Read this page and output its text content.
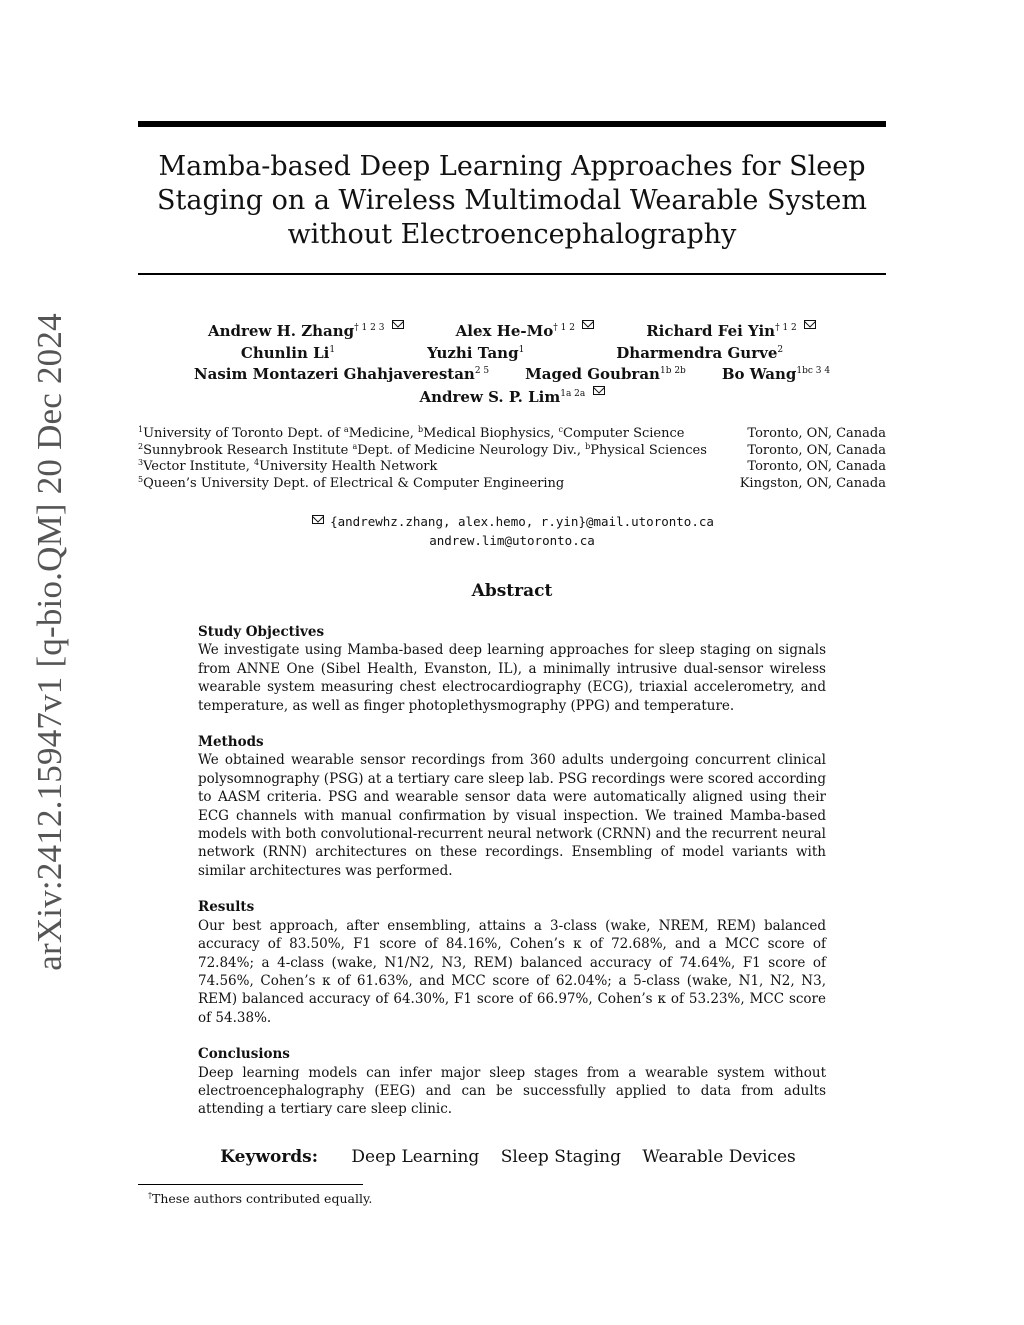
arXiv:2412.15947v1 [q-bio.QM] 20 Dec 2024
Mamba-based Deep Learning Approaches for Sleep
Staging on a Wireless Multimodal Wearable System
without Electroencephalography
Andrew H. Zhang$^{\dagger 1 2 3}$	Alex $He-Mo^{\dagger 1 2}$	Richard Fei Yin$^{\dagger 1 2}$
Chunlin Li$^1$	Yuzhi Tang$^1$	Dharmendra Gurve$^2$
Nasim Montazeri Ghahjaverestan$^{2 5}$ Maged Goubran$^{1b 2b}$ Bo Wang$^{1bc 3 4}$
Andrew S. P. Lim$^{1a 2a}$
$^1$University of Toronto Dept. of $^a$Medicine, $^b$Medical Biophysics, $^c$Computer Science	Toronto, ON, Canada
$^2$Sunnybrook Research Institute $^a$Dept. of Medicine Neurology Div., $^b$Physical Sciences	Toronto, ON, Canada
$^3$Vector Institute, $^4$University Health Network	Toronto, ON, Canada
$^5$Queen’s University Dept. of Electrical & Computer Engineering	Kingston, ON, Canada
{andrewhz.zhang, alex.hemo, r.yin}@mail.utoronto.ca
andrew.lim@utoronto.ca
Abstract
Study Objectives
We investigate using Mamba-based deep learning approaches for sleep staging on signals from ANNE One (Sibel Health, Evanston, IL), a minimally intrusive dual-sensor wireless wearable system measuring chest electrocardiography (ECG), triaxial accelerometry, and temperature, as well as finger photoplethysmography (PPG) and temperature.
Methods
We obtained wearable sensor recordings from 360 adults undergoing concurrent clinical polysomnography (PSG) at a tertiary care sleep lab. PSG recordings were scored according to AASM criteria. PSG and wearable sensor data were automatically aligned using their ECG channels with manual confirmation by visual inspection. We trained Mamba-based models with both convolutional-recurrent neural network (CRNN) and the recurrent neural network (RNN) architectures on these recordings. Ensembling of model variants with similar architectures was performed.
Results
Our best approach, after ensembling, attains a 3-class (wake, NREM, REM) balanced accuracy of 83.50%, F1 score of 84.16%, Cohen’s κ of 72.68%, and a MCC score of 72.84%; a 4-class (wake, N1/N2, N3, REM) balanced accuracy of 74.64%, F1 score of 74.56%, Cohen’s κ of 61.63%, and MCC score of 62.04%; a 5-class (wake, N1, N2, N3, REM) balanced accuracy of 64.30%, F1 score of 66.97%, Cohen’s κ of 53.23%, MCC score of 54.38%.
Conclusions
Deep learning models can infer major sleep stages from a wearable system without electroencephalography (EEG) and can be successfully applied to data from adults attending a tertiary care sleep clinic.
Keywords: Deep Learning Sleep Staging Wearable Devices
†These authors contributed equally.
